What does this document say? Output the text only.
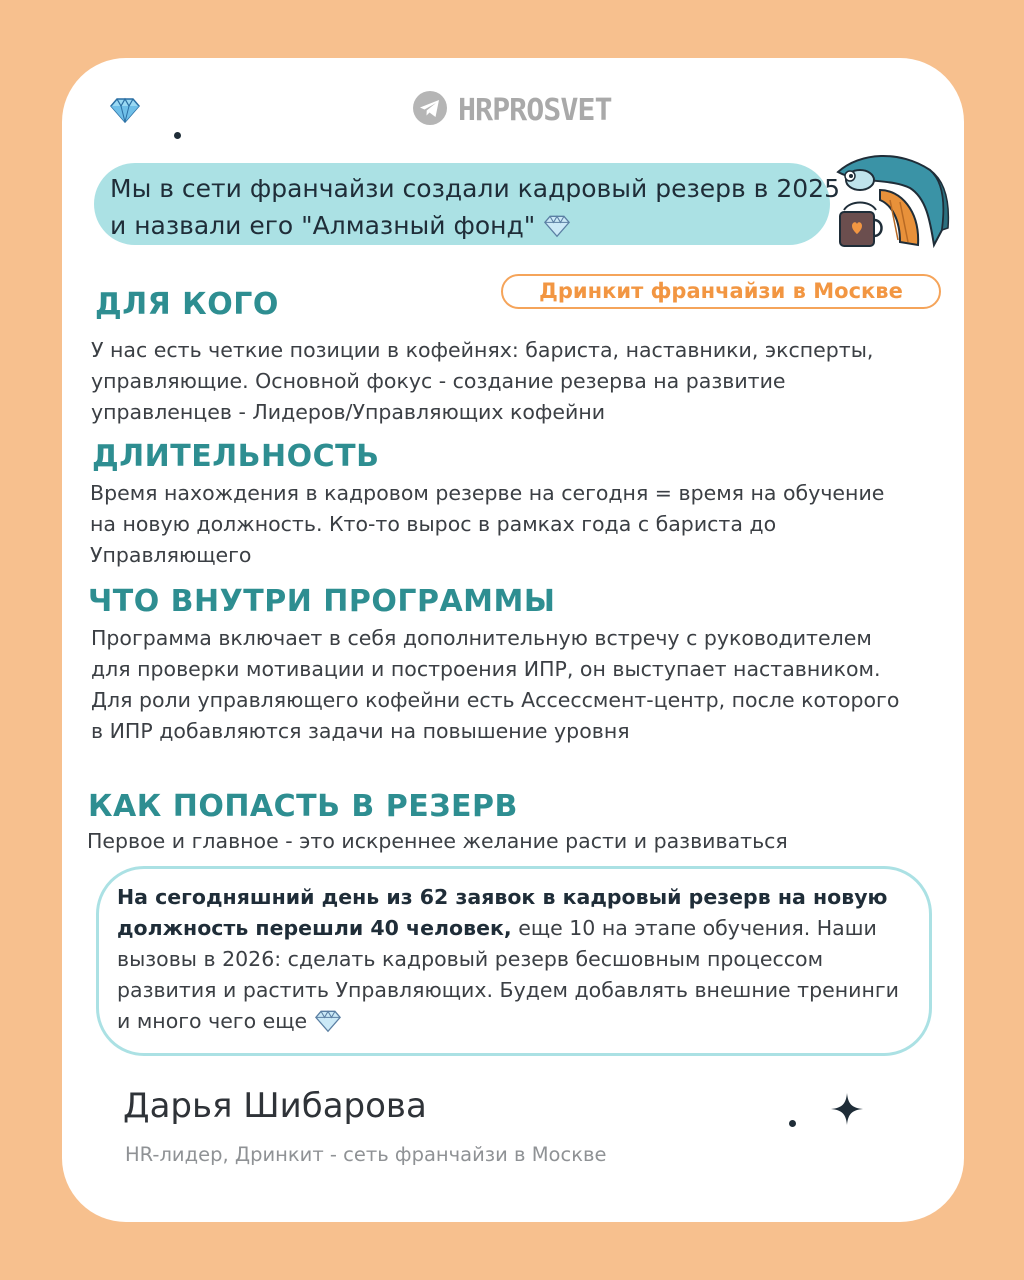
HRPROSVET
Мы в сети франчайзи создали кадровый резерв в 2025 и назвали его "Алмазный фонд"
Дринкит франчайзи в Москве
ДЛЯ КОГО
У нас есть четкие позиции в кофейнях: бариста, наставники, эксперты, управляющие. Основной фокус - создание резерва на развитие управленцев - Лидеров/Управляющих кофейни
ДЛИТЕЛЬНОСТЬ
Время нахождения в кадровом резерве на сегодня = время на обучение на новую должность. Кто-то вырос в рамках года с бариста до Управляющего
ЧТО ВНУТРИ ПРОГРАММЫ
Программа включает в себя дополнительную встречу с руководителем для проверки мотивации и построения ИПР, он выступает наставником. Для роли управляющего кофейни есть Ассессмент-центр, после которого в ИПР добавляются задачи на повышение уровня
КАК ПОПАСТЬ В РЕЗЕРВ
Первое и главное - это искреннее желание расти и развиваться
На сегодняшний день из 62 заявок в кадровый резерв на новую должность перешли 40 человек, еще 10 на этапе обучения. Наши вызовы в 2026: сделать кадровый резерв бесшовным процессом развития и растить Управляющих. Будем добавлять внешние тренинги и много чего еще
Дарья Шибарова
HR-лидер, Дринкит - сеть франчайзи в Москве
